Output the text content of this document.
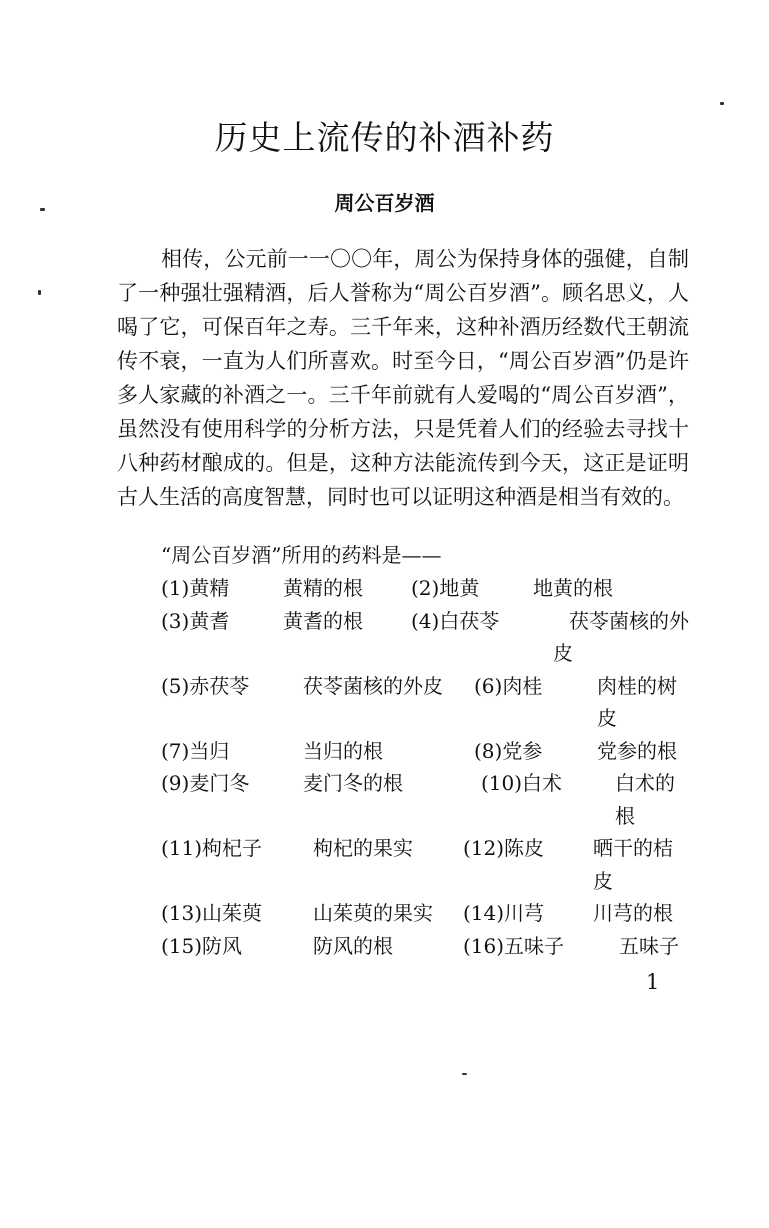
历史上流传的补酒补药
周公百岁酒
相传，公元前一一〇〇年，周公为保持身体的强健，自制了一种强壮强精酒，后人誉称为“周公百岁酒”。顾名思义，人喝了它，可保百年之寿。三千年来，这种补酒历经数代王朝流传不衰，一直为人们所喜欢。时至今日，“周公百岁酒”仍是许多人家藏的补酒之一。三千年前就有人爱喝的“周公百岁酒”，虽然没有使用科学的分析方法，只是凭着人们的经验去寻找十八种药材酿成的。但是，这种方法能流传到今天，这正是证明古人生活的高度智慧，同时也可以证明这种酒是相当有效的。
“周公百岁酒”所用的药料是——
(1)黄精	黄精的根 (2)地黄	地黄的根
(3)黄耆	黄耆的根 (4)白茯苓	茯苓菌核的外皮
(5)赤茯苓	茯苓菌核的外皮 (6)肉桂	肉桂的树皮
(7)当归	当归的根	(8)党参	党参的根
(9)麦门冬	麦门冬的根	(10)白术	白术的根
(11)枸杞子	枸杞的果实	(12)陈皮 晒干的桔皮
(13)山茱萸	山茱萸的果实 (14)川芎 川芎的根
(15)防风	防风的根	(16)五味子	五味子
1
